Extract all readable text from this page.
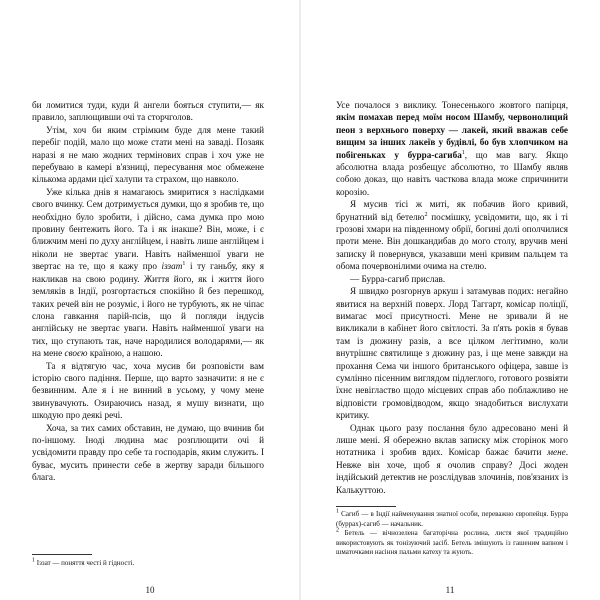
би ломитися туди, куди й ангели бояться ступити,— як правило, заплющивши очі та сторчголов.

Утім, хоч би яким стрімким буде для мене такий перебіг подій, мало що може стати мені на заваді. Позаяк наразі я не маю жодних термінових справ і хоч уже не перебуваю в камері в'язниці, пересування моє обмежене кількома ардами цієї халупи та страхом, що навколо.

Уже кілька днів я намагаюсь змиритися з наслідками свого вчинку. Сем дотримується думки, що я зробив те, що необхідно було зробити, і дійсно, сама думка про мою провину бентежить його. Та і як інакше? Він, може, і є ближчим мені по духу англійцем, і навіть лише англійцем і ніколи не звертає уваги. Навіть найменшої уваги не звертає на те, що я кажу про іззат$^1$ і ту ганьбу, яку я накликав на свою родину. Життя його, як і життя його земляків в Індії, розгортається спокійно й без перешкод, таких речей він не розуміє, і його не турбують, як не чіпає слона гавкання парій-псів, що й погляди індусів англійську не звертає уваги. Навіть найменшої уваги на тих, що ступають так, наче народилися володарями,— як на мене своєю країною, а нашою.

Та я відтягую час, хоча мусив би розповісти вам історію свого падіння. Перше, що варто зазначити: я не є безвинним. Але я і не винний в усьому, у чому мене звинувачують. Озираючись назад, я мушу визнати, що шкодую про деякі речі.

Хоча, за тих самих обставин, не думаю, що вчинив би по-іншому. Іноді людина має розплющити очі й усвідомити правду про себе та господарів, яким служить. І буває, мусить принести себе в жертву заради більшого блага.

$^1$ Іззат — поняття честі й гідності.

10

Усе почалося з виклику. Тонесенького жовтого папірця, якім помахав перед моїм носом Шамбу, червонолиций пеон з верхнього поверху — лакей, який вважав себе вищим за інших лакеїв у будівлі, бо був хлопчиком на побігеньках у бурра-сагиба$^1$, що мав вагу. Якщо абсолютна влада розбещує абсолютно, то Шамбу являв собою доказ, що навіть часткова влада може спричинити корозію.

Я мусив тісі ж миті, як побачив його кривий, брунатний від бетелю$^2$ посмішку, усвідомити, що, як і ті грозові хмари на південному обрії, богині долі ополчилися проти мене. Він дошкандибав до мого столу, вручив мені записку й повернувся, указавши мені кривим пальцем та обома почервонілими очима на стелю.

— Бурра-сагиб прислав.

Я швидко розгорнув аркуш і затамував подих: негайно явитися на верхній поверх. Лорд Таггарт, комісар поліції, вимагає моєї присутності. Мене не зривали й не викликали в кабінет його світлості. За п'ять років я бував там із дюжину разів, а все цілком легітимно, коли внутрішнє святилище з дюжину раз, і ще мене завжди на прохання Сема чи іншого британського офіцера, завше із сумлінно пісенним виглядом підлеглого, готового розвіяти їхнє невігластво щодо місцевих справ або поблажливо не відповісти громовідводом, якщо знадобиться вислухати критику.

Однак цього разу послання було адресовано мені й лише мені. Я обережно вклав записку між сторінок мого нотатника і зробив вдих. Комісар бажає бачити мене. Невже він хоче, щоб я очолив справу? Досі жоден індійський детектив не розслідував злочинів, пов'язаних із Калькуттою.

$^1$ Сагиб — в Індії найменування знатної особи, переважно європейця. Бурра (буррах)-сагиб — начальник.

$^2$ Бетель — вічнозелена багаторічна рослина, листя якої традиційно використовують як тонізуючий засіб. Бетель змішують із гашеним вапном і шматочками насіння пальми катеху та жують.

11
